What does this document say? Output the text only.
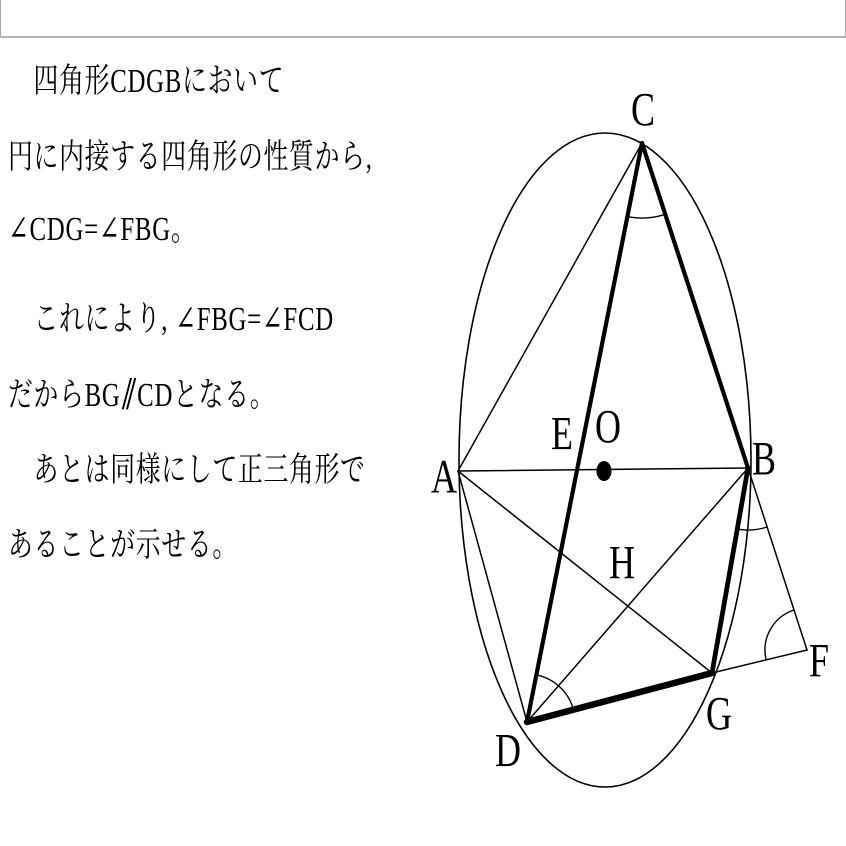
　四角形CDGBにおいて
円に内接する四角形の性質から,
∠CDG=∠FBG。
　これにより, ∠FBG=∠FCD
だからBG∥CDとなる。
　あとは同様にして正三角形で
あることが示せる。
C
A	B
E O
H
D
G
F
